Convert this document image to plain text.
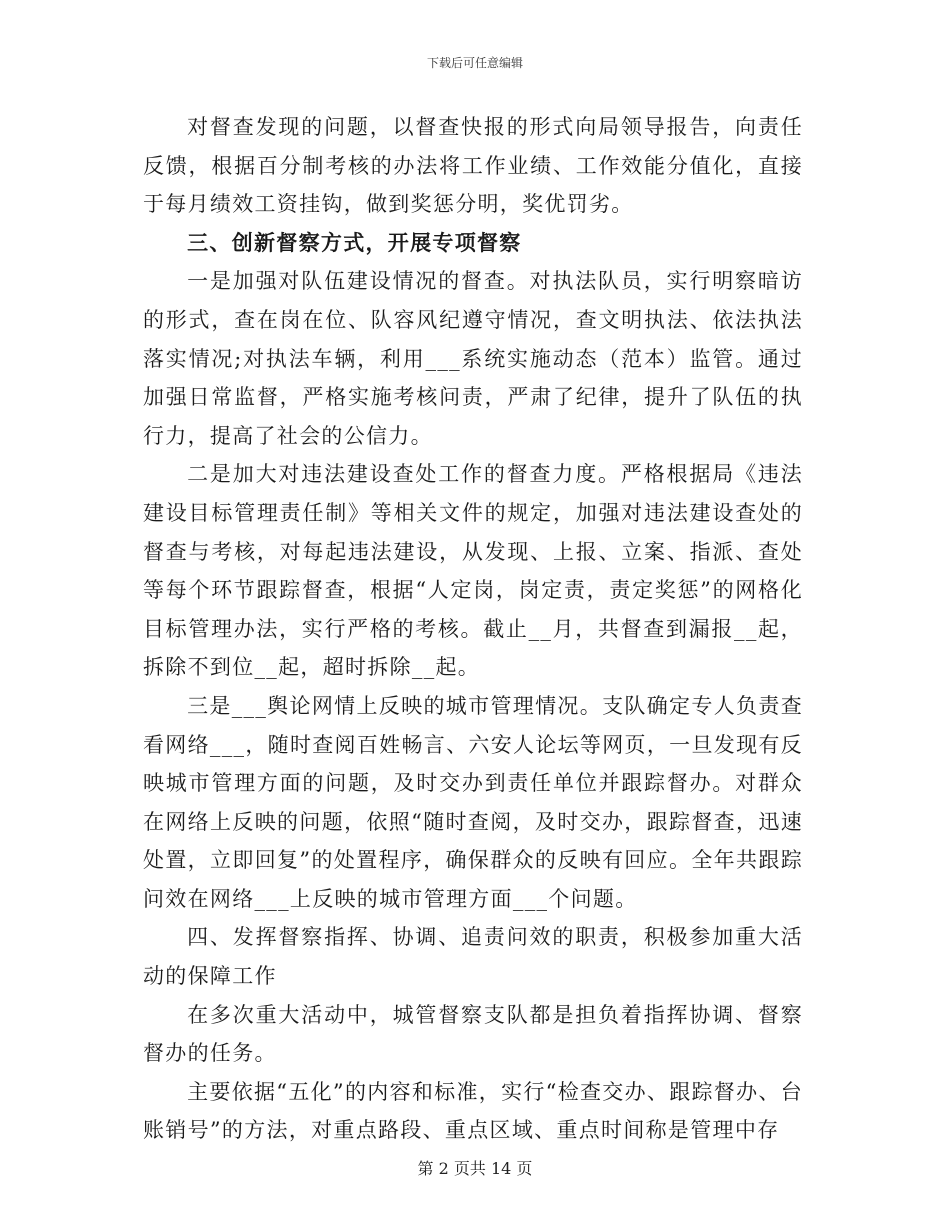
下载后可任意编辑

对督查发现的问题，以督查快报的形式向局领导报告，向责任反馈，根据百分制考核的办法将工作业绩、工作效能分值化，直接于每月绩效工资挂钩，做到奖惩分明，奖优罚劣。

三、创新督察方式，开展专项督察

一是加强对队伍建设情况的督查。对执法队员，实行明察暗访的形式，查在岗在位、队容风纪遵守情况，查文明执法、依法执法落实情况;对执法车辆，利用___系统实施动态（范本）监管。通过加强日常监督，严格实施考核问责，严肃了纪律，提升了队伍的执行力，提高了社会的公信力。

二是加大对违法建设查处工作的督查力度。严格根据局《违法建设目标管理责任制》等相关文件的规定，加强对违法建设查处的督查与考核，对每起违法建设，从发现、上报、立案、指派、查处等每个环节跟踪督查，根据“人定岗，岗定责，责定奖惩”的网格化目标管理办法，实行严格的考核。截止__月，共督查到漏报__起，拆除不到位__起，超时拆除__起。

三是___舆论网情上反映的城市管理情况。支队确定专人负责查看网络___，随时查阅百姓畅言、六安人论坛等网页，一旦发现有反映城市管理方面的问题，及时交办到责任单位并跟踪督办。对群众在网络上反映的问题，依照“随时查阅，及时交办，跟踪督查，迅速处置，立即回复”的处置程序，确保群众的反映有回应。全年共跟踪问效在网络___上反映的城市管理方面___个问题。

四、发挥督察指挥、协调、追责问效的职责，积极参加重大活动的保障工作

在多次重大活动中，城管督察支队都是担负着指挥协调、督察督办的任务。

主要依据“五化”的内容和标准，实行“检查交办、跟踪督办、台账销号”的方法，对重点路段、重点区域、重点时间称是管理中存

第 2 页共 14 页
